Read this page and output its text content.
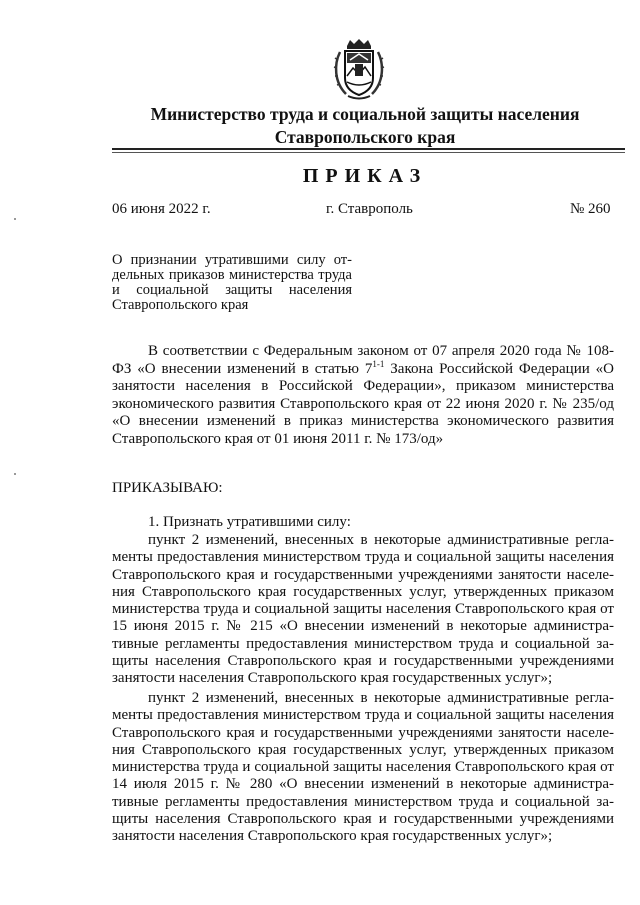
Министерство труда и социальной защиты населения
Ставропольского края
ПРИКАЗ
06 июня 2022 г.	г. Ставрополь	№ 260
О признании утратившими силу отдельных приказов министерства труда и социальной защиты населения Ставропольского края

В соответствии с Федеральным законом от 07 апреля 2020 года № 108-ФЗ «О внесении изменений в статью 7$^{1-1}$ Закона Российской Федерации «О занятости населения в Российской Федерации», приказом министерства экономического развития Ставропольского края от 22 июня 2020 г. № 235/од «О внесении изменений в приказ министерства экономического развития Ставропольского края от 01 июня 2011 г. № 173/од»

ПРИКАЗЫВАЮ:
1. Признать утратившими силу:

пункт 2 изменений, внесенных в некоторые административные регламенты предоставления министерством труда и социальной защиты населения Ставропольского края и государственными учреждениями занятости населения Ставропольского края государственных услуг, утвержденных приказом министерства труда и социальной защиты населения Ставропольского края от 15 июня 2015 г. № 215 «О внесении изменений в некоторые административные регламенты предоставления министерством труда и социальной защиты населения Ставропольского края и государственными учреждениями занятости населения Ставропольского края государственных услуг»;

пункт 2 изменений, внесенных в некоторые административные регламенты предоставления министерством труда и социальной защиты населения Ставропольского края и государственными учреждениями занятости населения Ставропольского края государственных услуг, утвержденных приказом министерства труда и социальной защиты населения Ставропольского края от 14 июля 2015 г. № 280 «О внесении изменений в некоторые административные регламенты предоставления министерством труда и социальной защиты населения Ставропольского края и государственными учреждениями занятости населения Ставропольского края государственных услуг»;
